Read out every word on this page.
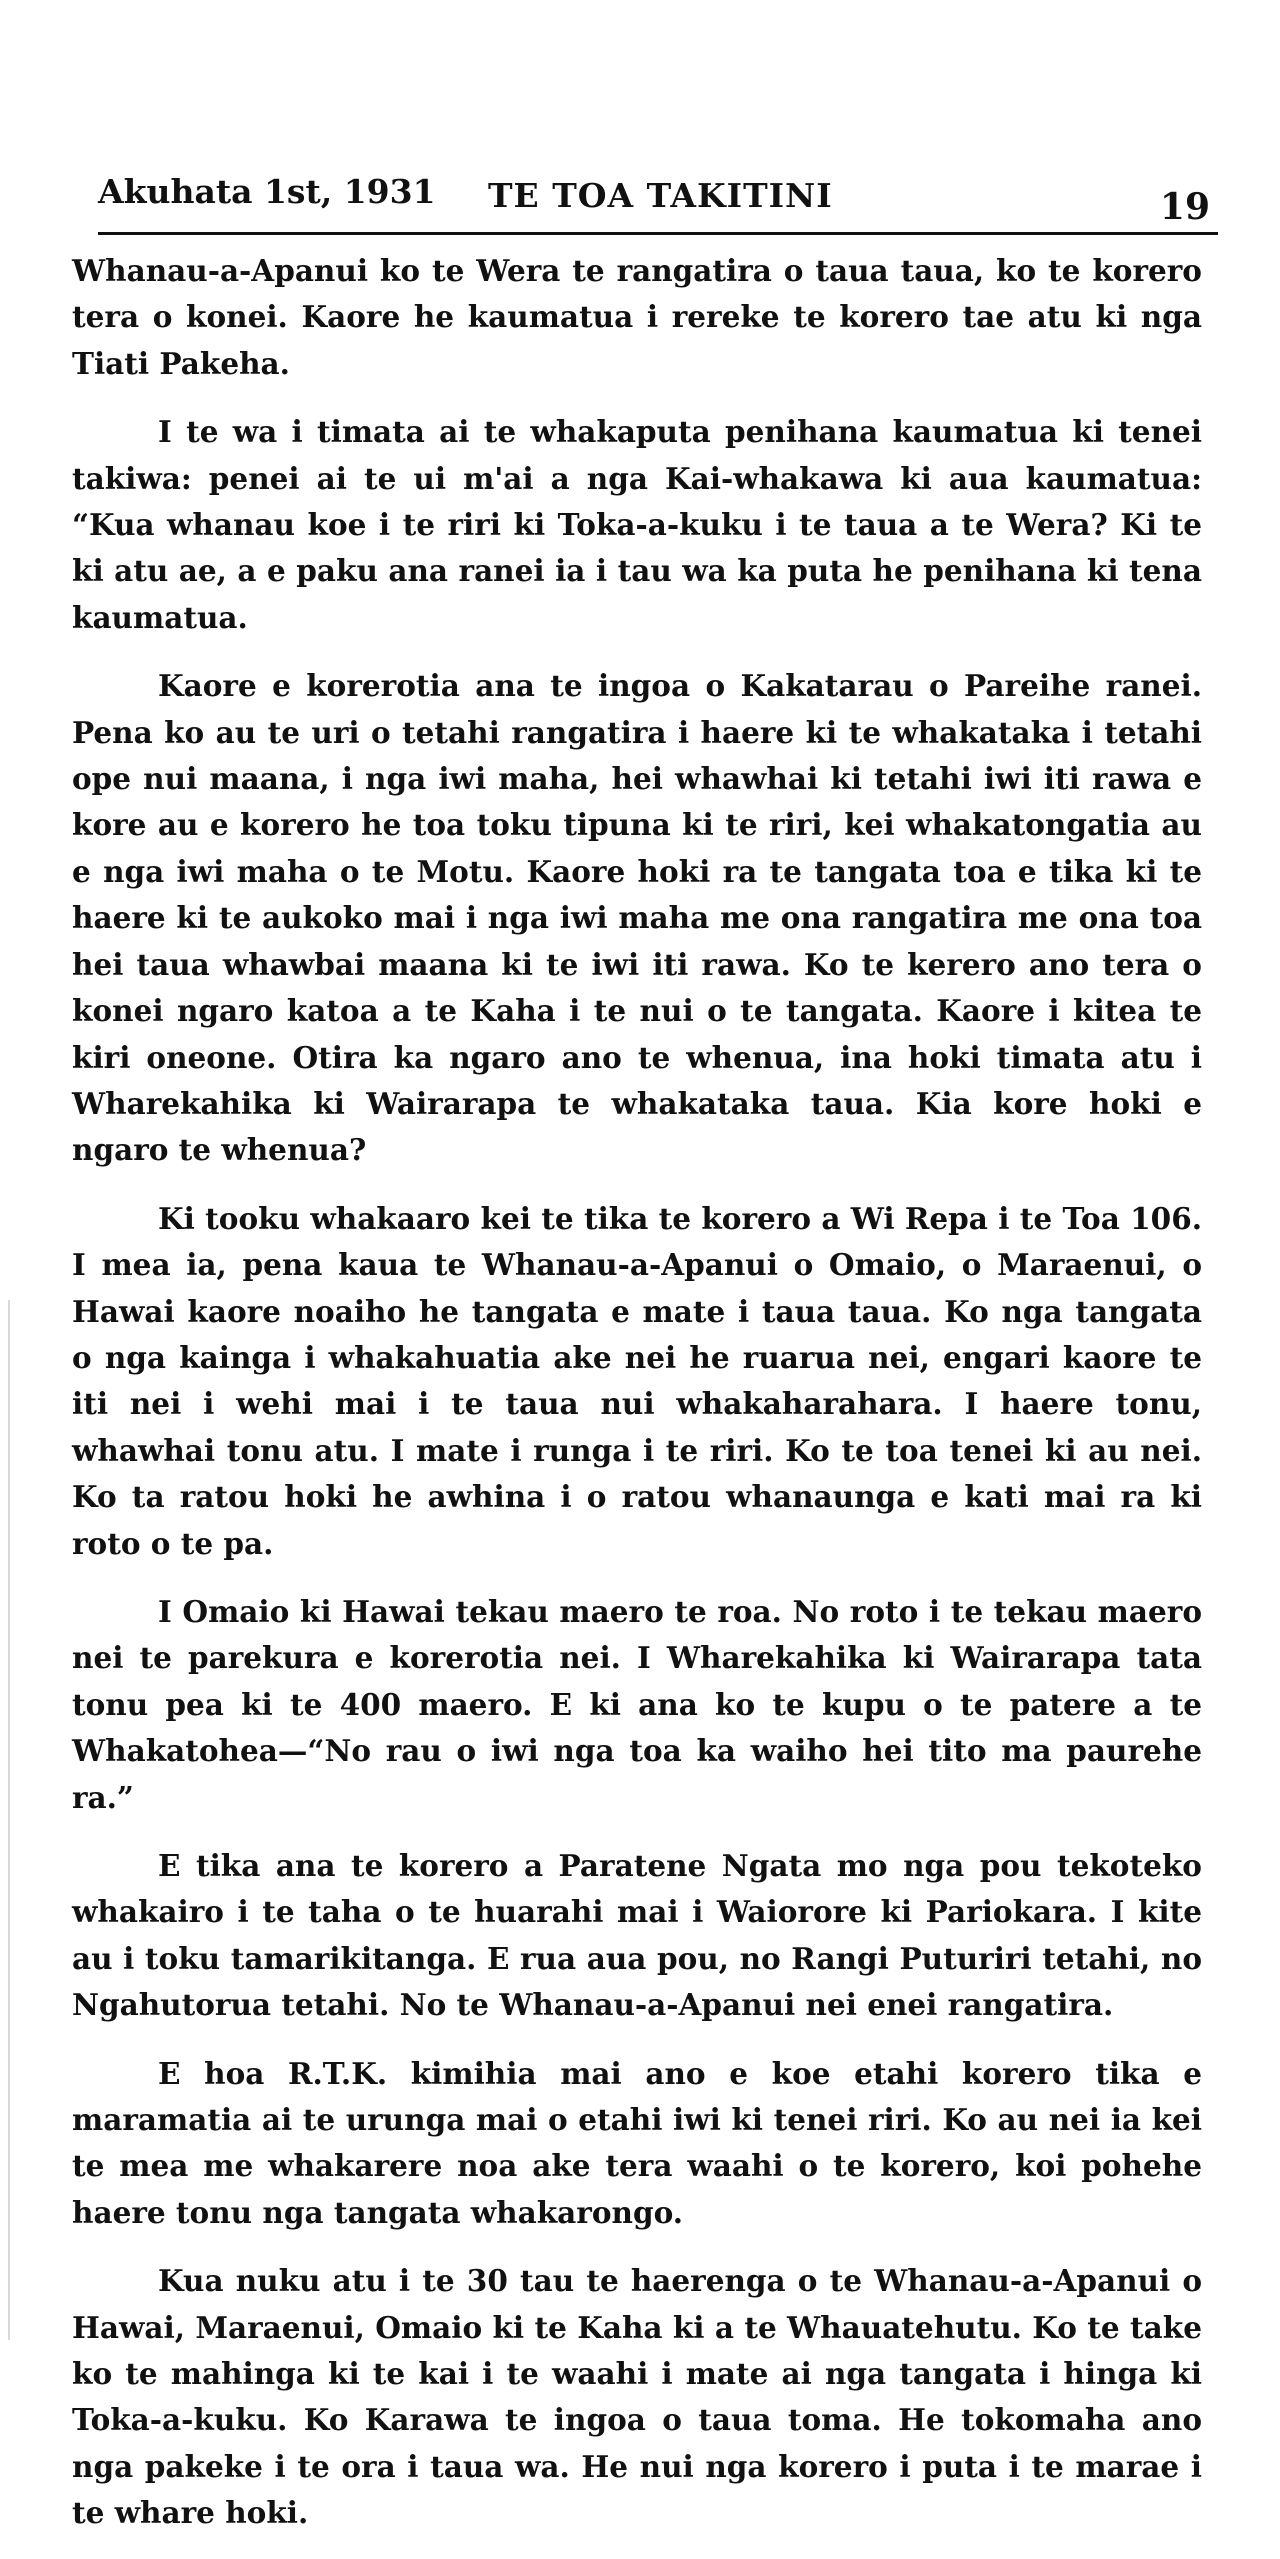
Akuhata 1st, 1931 TE TOA TAKITINI	19

Whanau-a-Apanui ko te Wera te rangatira o taua taua, ko te korero tera o konei. Kaore he kaumatua i rereke te korero tae atu ki nga Tiati Pakeha.

I te wa i timata ai te whakaputa penihana kaumatua ki tenei takiwa: penei ai te ui m'ai a nga Kai-whakawa ki aua kaumatua: “Kua whanau koe i te riri ki Toka-a-kuku i te taua a te Wera? Ki te ki atu ae, a e paku ana ranei ia i tau wa ka puta he penihana ki tena kaumatua.

Kaore e korerotia ana te ingoa o Kakatarau o Pareihe ranei. Pena ko au te uri o tetahi rangatira i haere ki te whakataka i tetahi ope nui maana, i nga iwi maha, hei whawhai ki tetahi iwi iti rawa e kore au e korero he toa toku tipuna ki te riri, kei whakatongatia au e nga iwi maha o te Motu. Kaore hoki ra te tangata toa e tika ki te haere ki te aukoko mai i nga iwi maha me ona rangatira me ona toa hei taua whawbai maana ki te iwi iti rawa. Ko te kerero ano tera o konei ngaro katoa a te Kaha i te nui o te tangata. Kaore i kitea te kiri oneone. Otira ka ngaro ano te whenua, ina hoki timata atu i Wharekahika ki Wairarapa te whakataka taua. Kia kore hoki e ngaro te whenua?

Ki tooku whakaaro kei te tika te korero a Wi Repa i te Toa 106. I mea ia, pena kaua te Whanau-a-Apanui o Omaio, o Maraenui, o Hawai kaore noaiho he tangata e mate i taua taua. Ko nga tangata o nga kainga i whakahuatia ake nei he ruarua nei, engari kaore te iti nei i wehi mai i te taua nui whakaharahara. I haere tonu, whawhai tonu atu. I mate i runga i te riri. Ko te toa tenei ki au nei. Ko ta ratou hoki he awhina i o ratou whanaunga e kati mai ra ki roto o te pa.

I Omaio ki Hawai tekau maero te roa. No roto i te tekau maero nei te parekura e korerotia nei. I Wharekahika ki Wairarapa tata tonu pea ki te 400 maero. E ki ana ko te kupu o te patere a te Whakatohea—“No rau o iwi nga toa ka waiho hei tito ma paurehe ra.”

E tika ana te korero a Paratene Ngata mo nga pou tekoteko whakairo i te taha o te huarahi mai i Waiorore ki Pariokara. I kite au i toku tamarikitanga. E rua aua pou, no Rangi Puturiri tetahi, no Ngahutorua tetahi. No te Whanau-a-Apanui nei enei rangatira.

E hoa R.T.K. kimihia mai ano e koe etahi korero tika e maramatia ai te urunga mai o etahi iwi ki tenei riri. Ko au nei ia kei te mea me whakarere noa ake tera waahi o te korero, koi pohehe haere tonu nga tangata whakarongo.

Kua nuku atu i te 30 tau te haerenga o te Whanau-a-Apanui o Hawai, Maraenui, Omaio ki te Kaha ki a te Whauatehutu. Ko te take ko te mahinga ki te kai i te waahi i mate ai nga tangata i hinga ki Toka-a-kuku. Ko Karawa te ingoa o taua toma. He tokomaha ano nga pakeke i te ora i taua wa. He nui nga korero i puta i te marae i te whare hoki.
